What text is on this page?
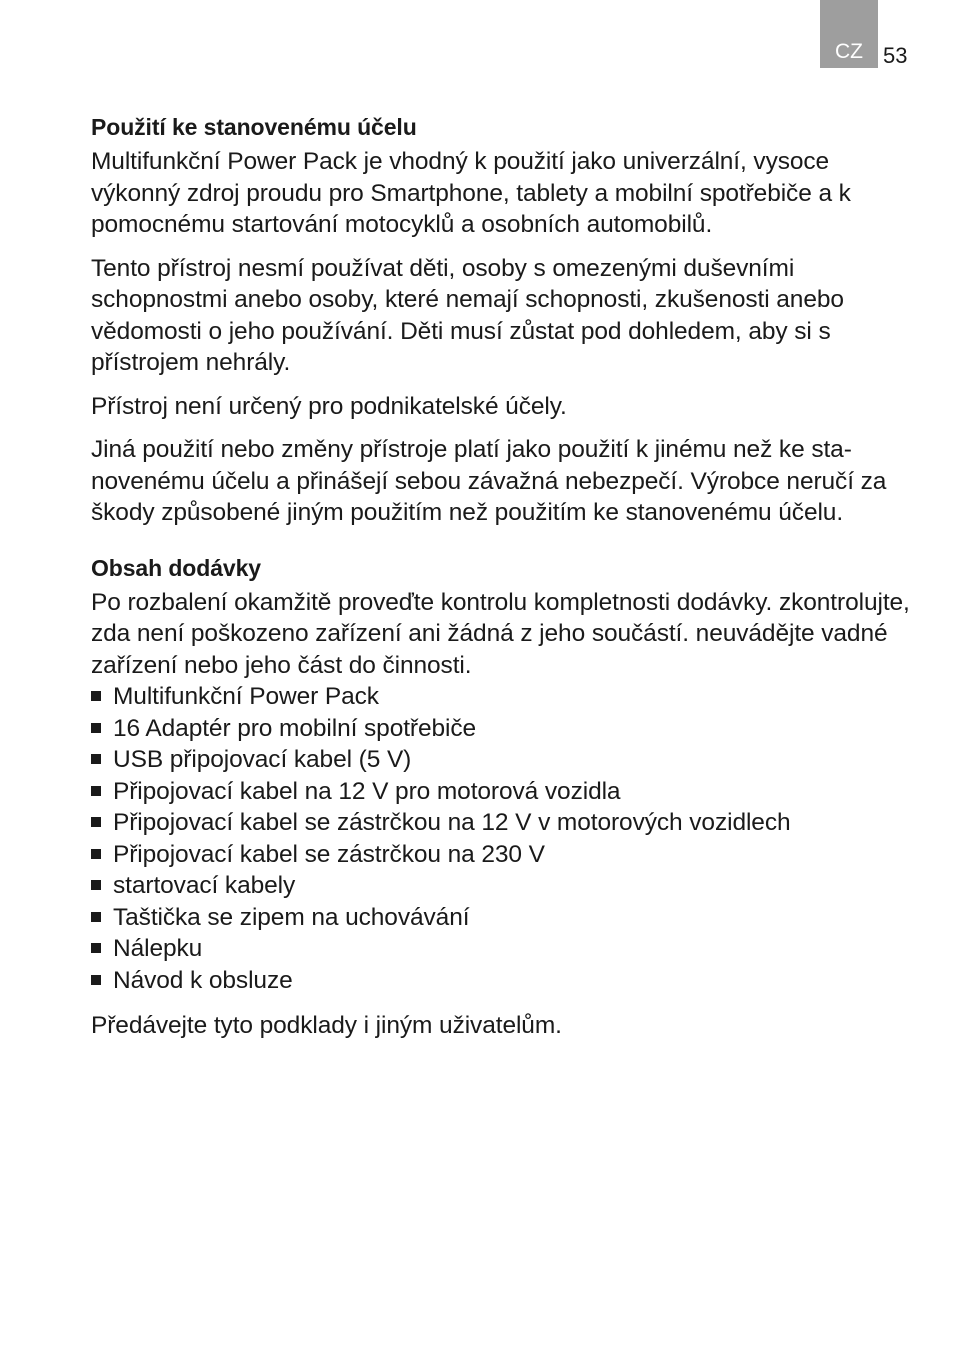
CZ 53
Použití ke stanovenému účelu

Multifunkční Power Pack je vhodný k použití jako univerzální, vysoce výkonný zdroj proudu pro Smartphone, tablety a mobilní spotřebiče a k pomocnému startování motocyklů a osobních automobilů.

Tento přístroj nesmí používat děti, osoby s omezenými duševními schopnostmi anebo osoby, které nemají schopnosti, zkušenosti anebo vědomosti o jeho používání. Děti musí zůstat pod dohledem, aby si s přístrojem nehrály.

Přístroj není určený pro podnikatelské účely.

Jiná použití nebo změny přístroje platí jako použití k jinému než ke stanovenému účelu a přinášejí sebou závažná nebezpečí. Výrobce neručí za škody způsobené jiným použitím než použitím ke stanovenému účelu.

Obsah dodávky

Po rozbalení okamžitě proveďte kontrolu kompletnosti dodávky. zkontrolujte, zda není poškozeno zařízení ani žádná z jeho součástí. neuvádějte vadné zařízení nebo jeho část do činnosti.

Multifunkční Power Pack
16 Adaptér pro mobilní spotřebiče
USB připojovací kabel (5 V)
Připojovací kabel na 12 V pro motorová vozidla
Připojovací kabel se zástrčkou na 12 V v motorových vozidlech
Připojovací kabel se zástrčkou na 230 V
startovací kabely
Taštička se zipem na uchovávání
Nálepku
Návod k obsluze

Předávejte tyto podklady i jiným uživatelům.
